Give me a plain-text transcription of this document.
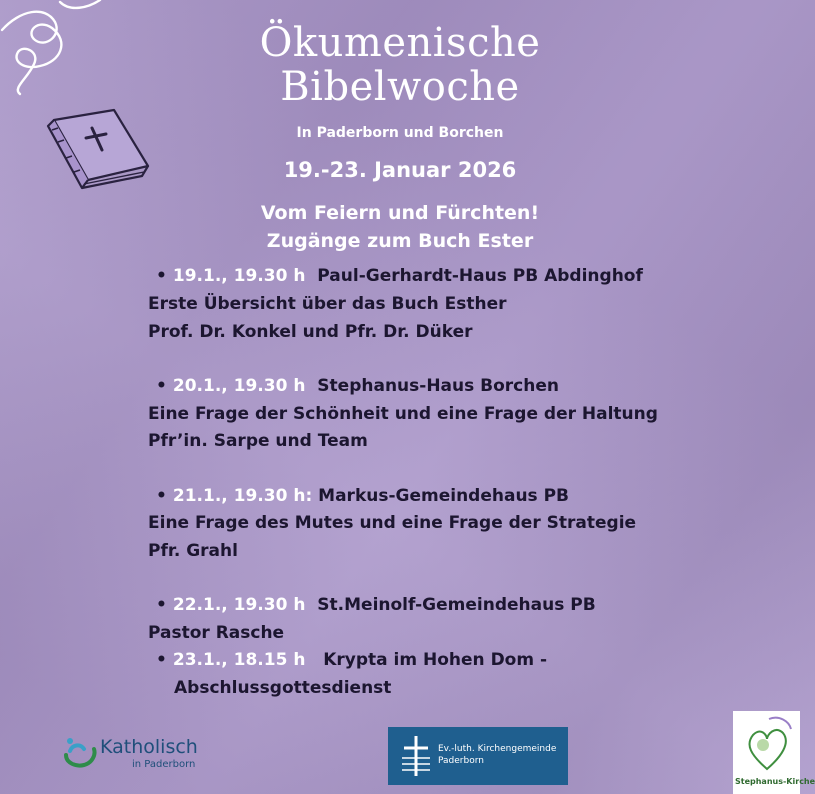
Ökumenische
Bibelwoche
In Paderborn und Borchen
19.-23. Januar 2026
Vom Feiern und Fürchten!
Zugänge zum Buch Ester
• 19.1., 19.30 h Paul-Gerhardt-Haus PB Abdinghof
Erste Übersicht über das Buch Esther
Prof. Dr. Konkel und Pfr. Dr. Düker
• 20.1., 19.30 h Stephanus-Haus Borchen
Eine Frage der Schönheit und eine Frage der Haltung
Pfr’in. Sarpe und Team
• 21.1., 19.30 h: Markus-Gemeindehaus PB
Eine Frage des Mutes und eine Frage der Strategie
Pfr. Grahl
• 22.1., 19.30 h St.Meinolf-Gemeindehaus PB
Pastor Rasche
• 23.1., 18.15 h Krypta im Hohen Dom -
Abschlussgottesdienst
Katholisch
in Paderborn
Ev.-luth. Kirchengemeinde
Paderborn
Stephanus-Kirche
